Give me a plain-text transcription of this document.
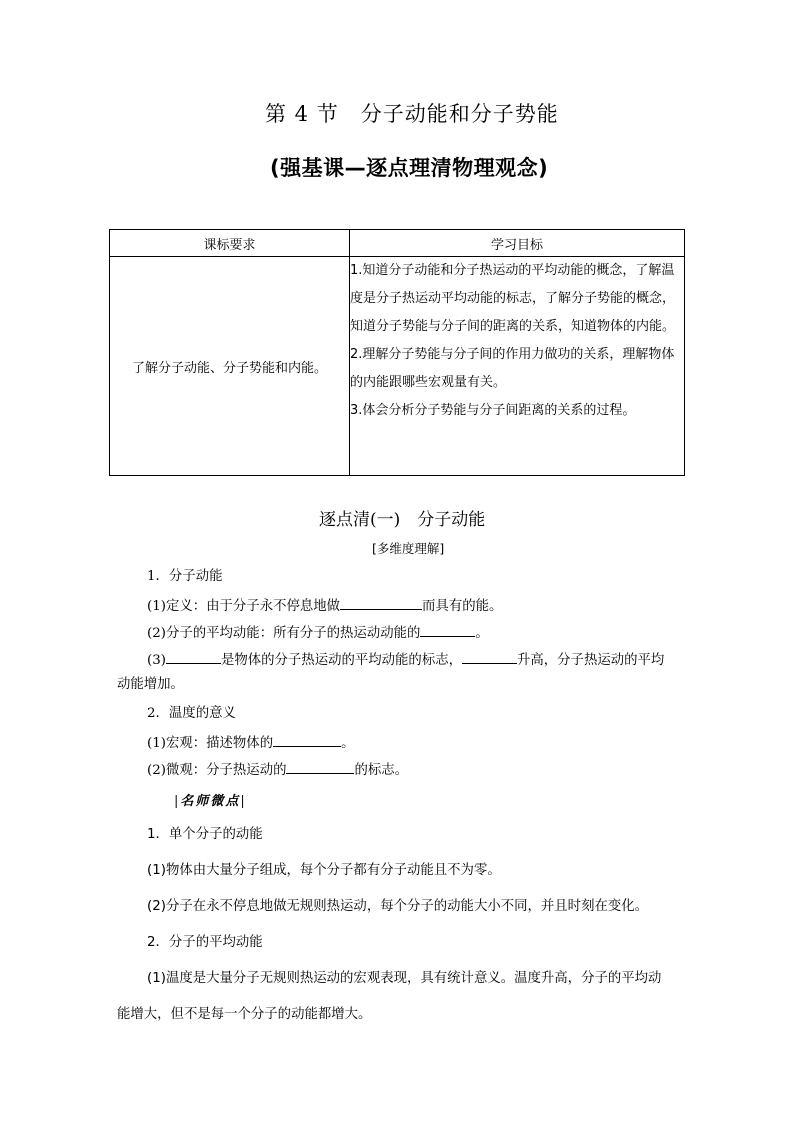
第 4 节　分子动能和分子势能
(强基课—逐点理清物理观念)
课标要求	学习目标
了解分子动能、分子势能和内能。	1.知道分子动能和分子热运动的平均动能的概念，了解温度是分子热运动平均动能的标志，了解分子势能的概念，知道分子势能与分子间的距离的关系，知道物体的内能。
2.理解分子势能与分子间的作用力做功的关系，理解物体的内能跟哪些宏观量有关。
3.体会分析分子势能与分子间距离的关系的过程。
逐点清(一)　分子动能
[多维度理解]
1．分子动能
(1)定义：由于分子永不停息地做	而具有的能。
(2)分子的平均动能：所有分子的热运动动能的	。
(3)	是物体的分子热运动的平均动能的标志，	升高，分子热运动的平均
动能增加。
2．温度的意义
(1)宏观：描述物体的	。
(2)微观：分子热运动的	的标志。
|名师微点|
1．单个分子的动能
(1)物体由大量分子组成，每个分子都有分子动能且不为零。
(2)分子在永不停息地做无规则热运动，每个分子的动能大小不同，并且时刻在变化。
2．分子的平均动能
(1)温度是大量分子无规则热运动的宏观表现，具有统计意义。温度升高，分子的平均动
能增大，但不是每一个分子的动能都增大。
